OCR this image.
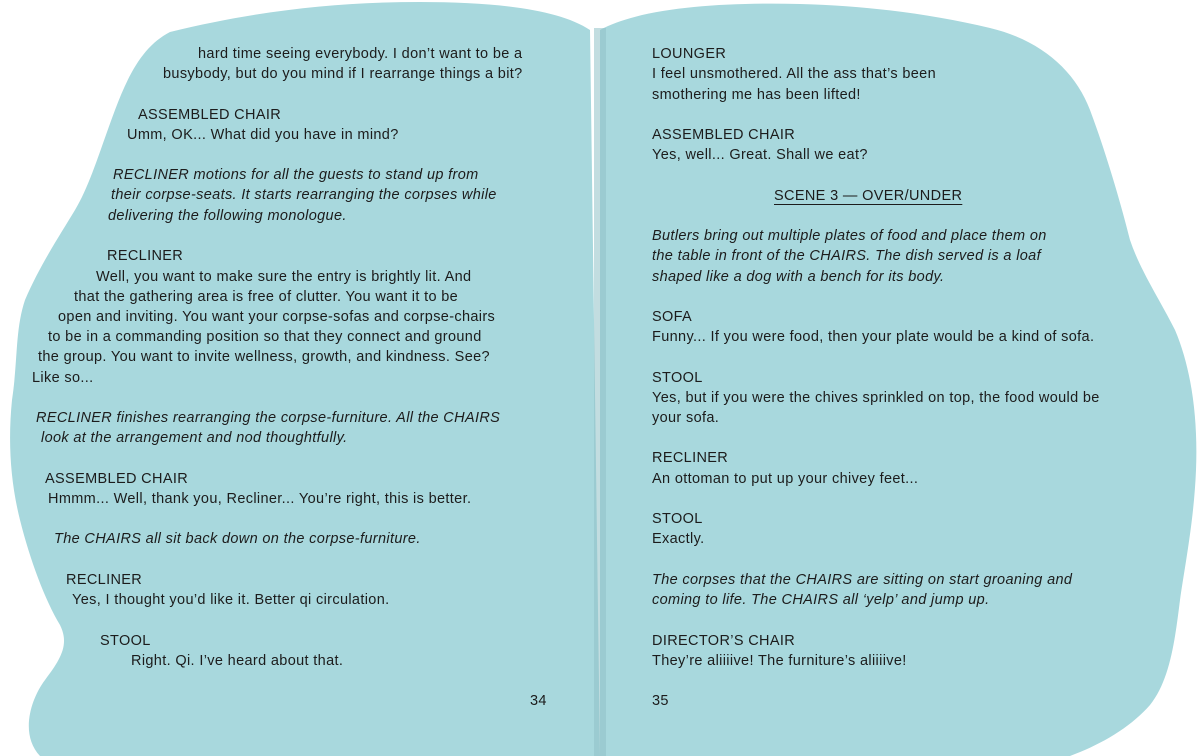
hard time seeing everybody. I don’t want to be a
busybody, but do you mind if I rearrange things a bit?
ASSEMBLED CHAIR
Umm, OK... What did you have in mind?
RECLINER motions for all the guests to stand up from
their corpse-seats. It starts rearranging the corpses while
delivering the following monologue.
RECLINER
Well, you want to make sure the entry is brightly lit. And
that the gathering area is free of clutter. You want it to be
open and inviting. You want your corpse-sofas and corpse-chairs
to be in a commanding position so that they connect and ground
the group. You want to invite wellness, growth, and kindness. See?
Like so...
RECLINER finishes rearranging the corpse-furniture. All the CHAIRS
look at the arrangement and nod thoughtfully.
ASSEMBLED CHAIR
Hmmm... Well, thank you, Recliner... You’re right, this is better.
The CHAIRS all sit back down on the corpse-furniture.
RECLINER
Yes, I thought you’d like it. Better qi circulation.
STOOL
Right. Qi. I’ve heard about that.
34
LOUNGER
I feel unsmothered. All the ass that’s been
smothering me has been lifted!
ASSEMBLED CHAIR
Yes, well... Great. Shall we eat?
SCENE 3 — OVER/UNDER
Butlers bring out multiple plates of food and place them on
the table in front of the CHAIRS. The dish served is a loaf
shaped like a dog with a bench for its body.
SOFA
Funny... If you were food, then your plate would be a kind of sofa.
STOOL
Yes, but if you were the chives sprinkled on top, the food would be
your sofa.
RECLINER
An ottoman to put up your chivey feet...
STOOL
Exactly.
The corpses that the CHAIRS are sitting on start groaning and
coming to life. The CHAIRS all ‘yelp’ and jump up.
DIRECTOR’S CHAIR
They’re aliiiive! The furniture’s aliiiive!
35
